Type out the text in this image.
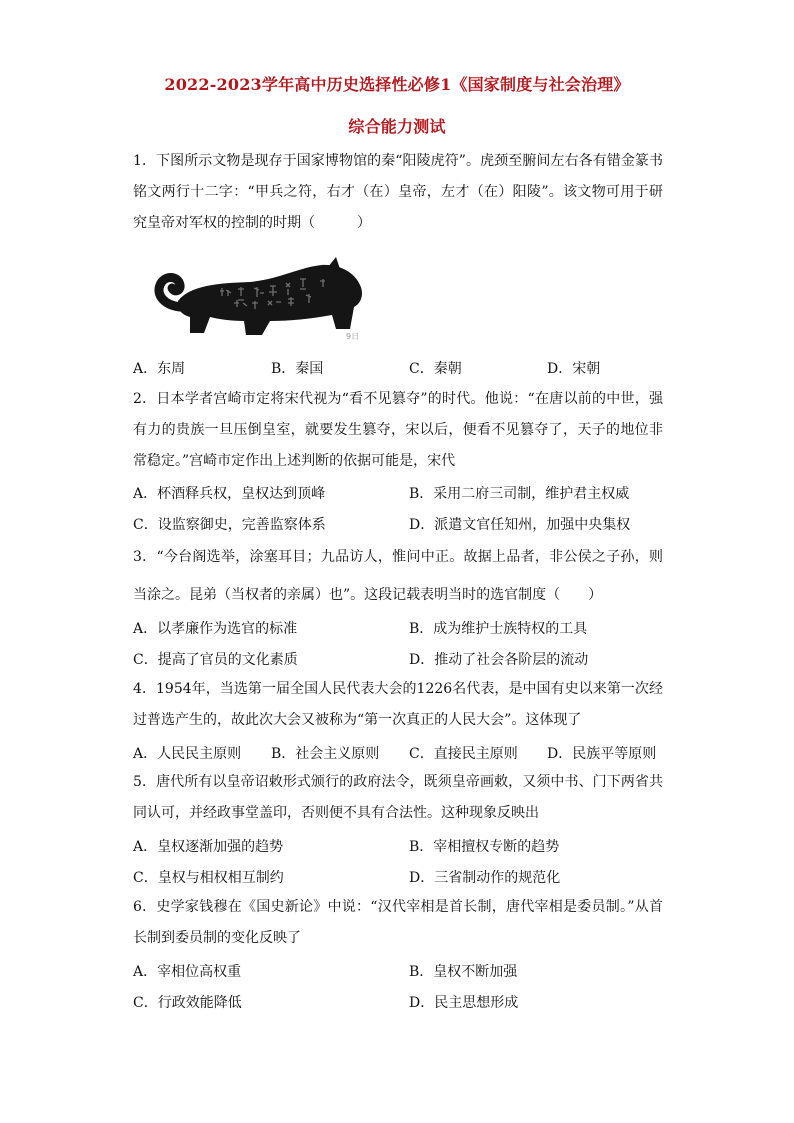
2022-2023学年高中历史选择性必修1《国家制度与社会治理》
综合能力测试
1．下图所示文物是现存于国家博物馆的秦“阳陵虎符”。虎颈至腑间左右各有错金篆书铭文两行十二字：“甲兵之符，右才（在）皇帝，左才（在）阳陵”。该文物可用于研究皇帝对军权的控制的时期（　　　）
9日
A．东周	B．秦国	C．秦朝	D．宋朝
2．日本学者宫崎市定将宋代视为“看不见篡夺”的时代。他说：“在唐以前的中世，强有力的贵族一旦压倒皇室，就要发生篡夺，宋以后，便看不见篡夺了，天子的地位非常稳定。”宫崎市定作出上述判断的依据可能是，宋代
A．杯酒释兵权，皇权达到顶峰	B．采用二府三司制，维护君主权威
C．设监察御史，完善监察体系	D．派遣文官任知州，加强中央集权
3．“今台阁选举，涂塞耳目；九品访人，惟问中正。故据上品者，非公侯之子孙，则当涂之。昆弟（当权者的亲属）也”。这段记载表明当时的选官制度（　　）
A．以孝廉作为选官的标准	B．成为维护士族特权的工具
C．提高了官员的文化素质	D．推动了社会各阶层的流动
4．1954年，当选第一届全国人民代表大会的1226名代表，是中国有史以来第一次经过普选产生的，故此次大会又被称为“第一次真正的人民大会”。这体现了
A．人民民主原则 B．社会主义原则 C．直接民主原则 D．民族平等原则
5．唐代所有以皇帝诏敕形式颁行的政府法令，既须皇帝画敕，又须中书、门下两省共同认可，并经政事堂盖印，否则便不具有合法性。这种现象反映出
A．皇权逐渐加强的趋势	B．宰相擅权专断的趋势
C．皇权与相权相互制约	D．三省制动作的规范化
6．史学家钱穆在《国史新论》中说：“汉代宰相是首长制，唐代宰相是委员制。”从首长制到委员制的变化反映了
A．宰相位高权重	B．皇权不断加强
C．行政效能降低	D．民主思想形成
